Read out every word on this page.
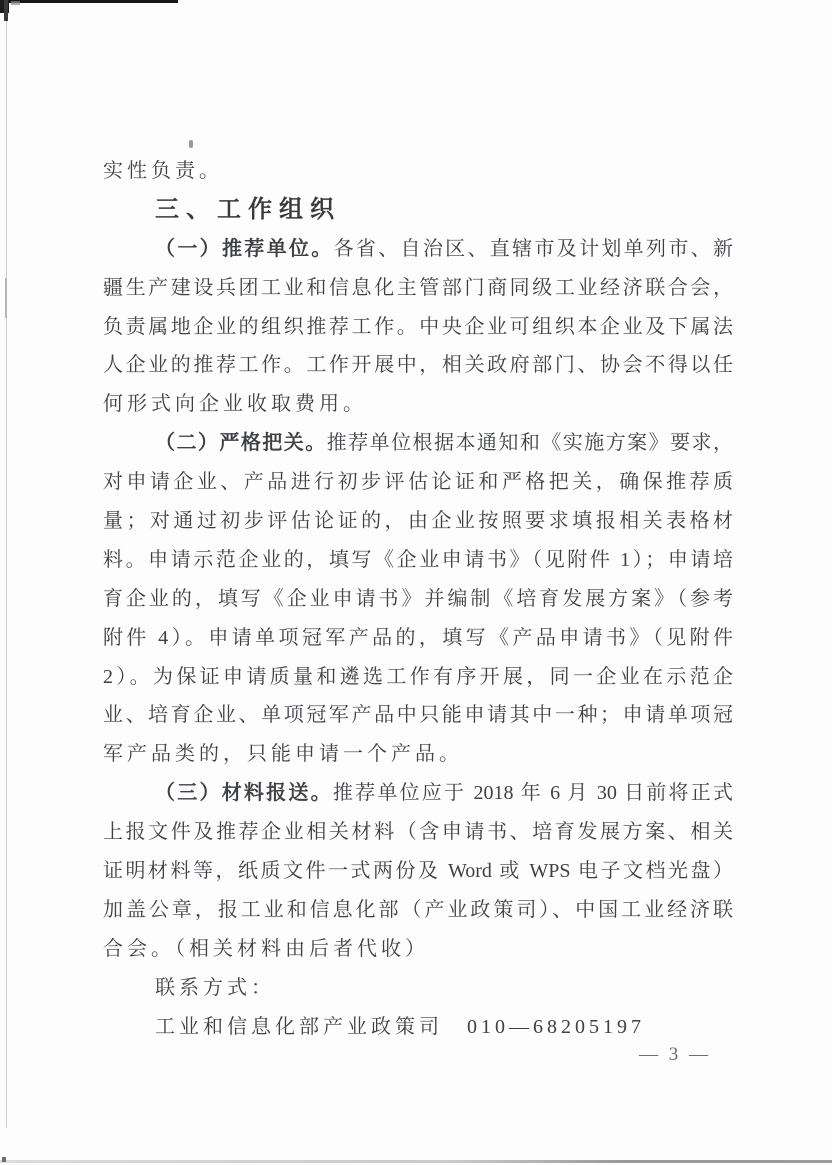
实性负责。
三、工作组织
（一）推荐单位。各省、自治区、直辖市及计划单列市、新
疆生产建设兵团工业和信息化主管部门商同级工业经济联合会，
负责属地企业的组织推荐工作。中央企业可组织本企业及下属法
人企业的推荐工作。工作开展中，相关政府部门、协会不得以任
何形式向企业收取费用。
（二）严格把关。推荐单位根据本通知和《实施方案》要求，
对申请企业、产品进行初步评估论证和严格把关，确保推荐质
量；对通过初步评估论证的，由企业按照要求填报相关表格材
料。申请示范企业的，填写《企业申请书》（见附件 1）；申请培
育企业的，填写《企业申请书》并编制《培育发展方案》（参考
附件 4）。申请单项冠军产品的，填写《产品申请书》（见附件
2）。为保证申请质量和遴选工作有序开展，同一企业在示范企
业、培育企业、单项冠军产品中只能申请其中一种；申请单项冠
军产品类的，只能申请一个产品。
（三）材料报送。推荐单位应于 2018 年 6 月 30 日前将正式
上报文件及推荐企业相关材料（含申请书、培育发展方案、相关
证明材料等，纸质文件一式两份及 Word 或 WPS 电子文档光盘）
加盖公章，报工业和信息化部（产业政策司）、中国工业经济联
合会。（相关材料由后者代收）
联系方式：
工业和信息化部产业政策司　010—68205197
— 3 —
